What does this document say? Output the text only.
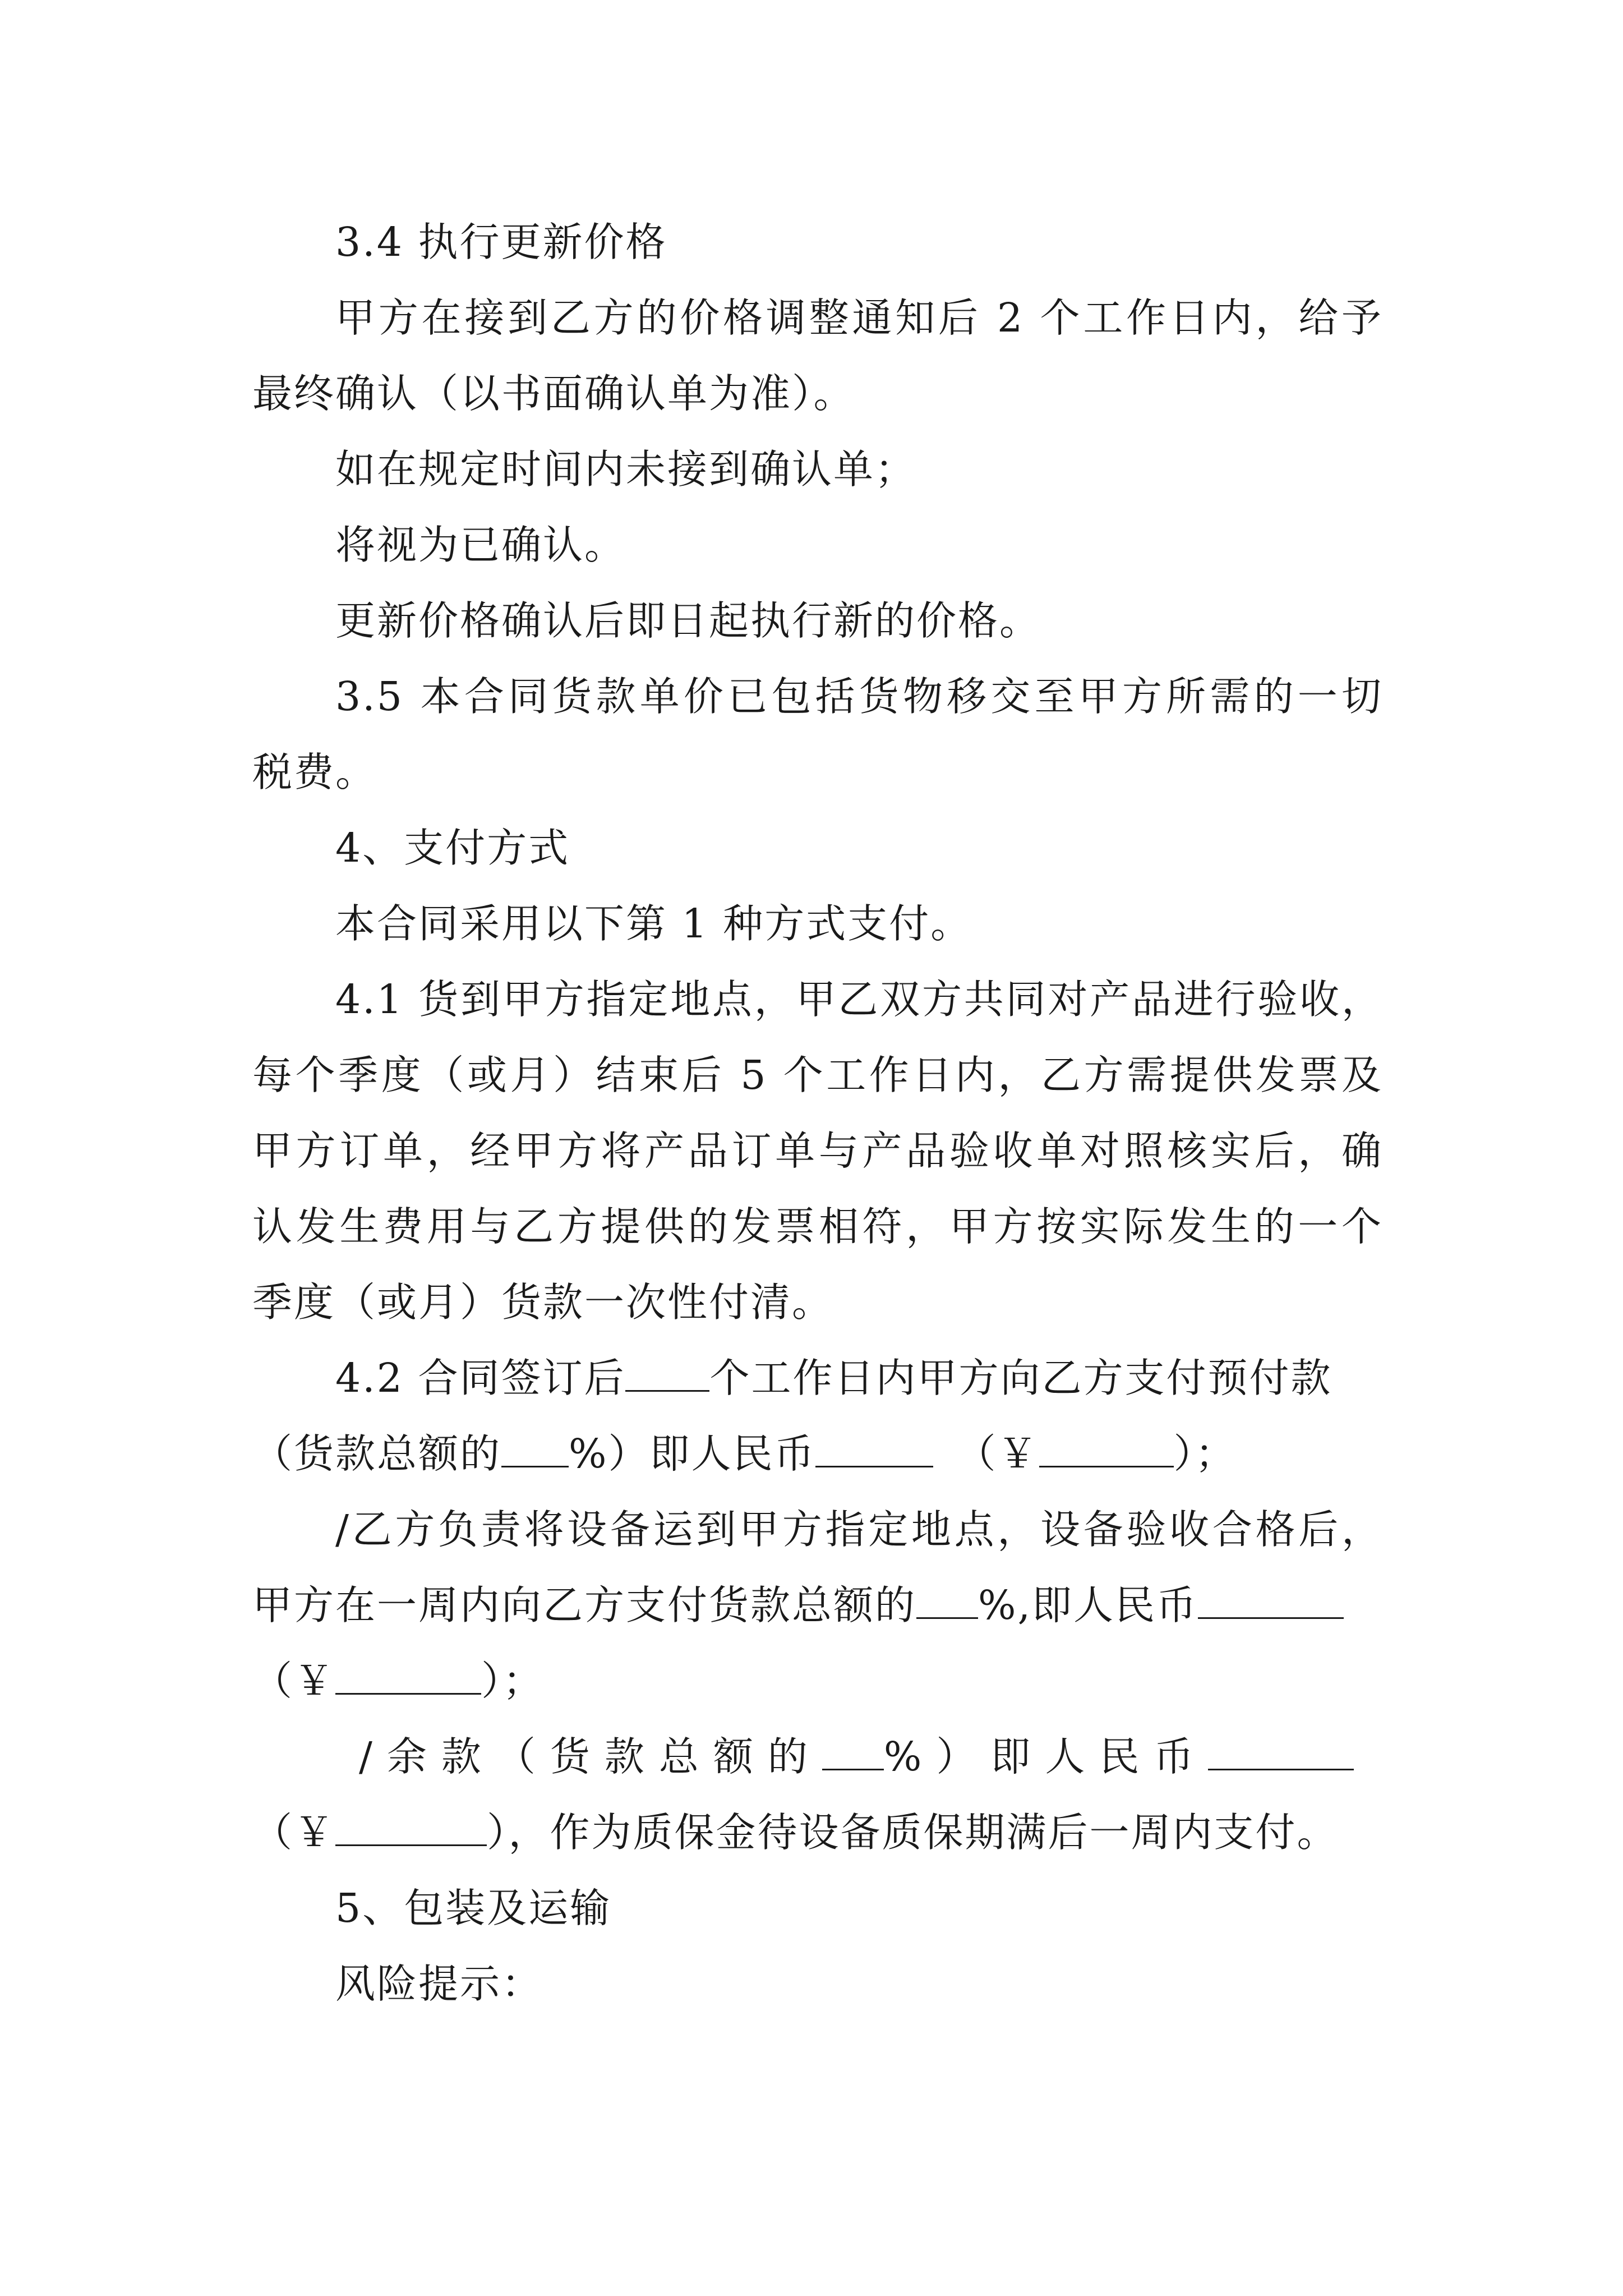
3.4 执行更新价格
甲方在接到乙方的价格调整通知后 2 个工作日内，给予
最终确认（以书面确认单为准）。
如在规定时间内未接到确认单；
将视为已确认。
更新价格确认后即日起执行新的价格。
3.5 本合同货款单价已包括货物移交至甲方所需的一切
税费。
4、支付方式
本合同采用以下第 1 种方式支付。
4.1 货到甲方指定地点，甲乙双方共同对产品进行验收，
每个季度（或月）结束后 5 个工作日内，乙方需提供发票及
甲方订单，经甲方将产品订单与产品验收单对照核实后，确
认发生费用与乙方提供的发票相符，甲方按实际发生的一个
季度（或月）货款一次性付清。
4.2 合同签订后 个工作日内甲方向乙方支付预付款
（货款总额的 %）即人民币	（￥	）；
/乙方负责将设备运到甲方指定地点，设备验收合格后，
甲方在一周内向乙方支付货款总额的 %,即人民币
（￥	）；
/余款（货款总额的 %）即人民币
（￥	），作为质保金待设备质保期满后一周内支付。
5、包装及运输
风险提示：
